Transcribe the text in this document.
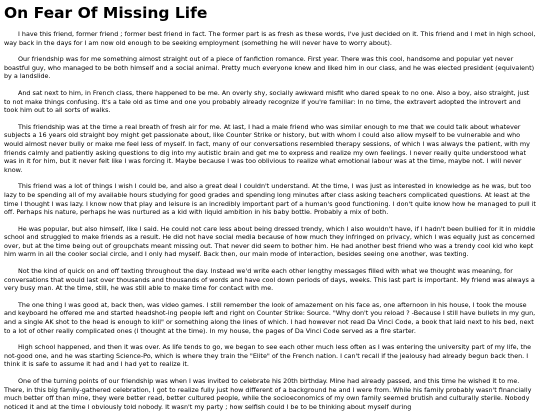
On Fear Of Missing Life

I have this friend, former friend ; former best friend in fact. The former part is as fresh as these words, I've just decided on it. This friend and I met in high school, way back in the days for I am now old enough to be seeking employment (something he will never have to worry about).

Our friendship was for me something almost straight out of a piece of fanfiction romance. First year. There was this cool, handsome and popular yet never boastful guy, who managed to be both himself and a social animal. Pretty much everyone knew and liked him in our class, and he was elected president (equivalent) by a landslide.

And sat next to him, in French class, there happened to be me. An overly shy, socially awkward misfit who dared speak to no one. Also a boy, also straight, just to not make things confusing. It's a tale old as time and one you probably already recognize if you're familiar: In no time, the extravert adopted the introvert and took him out to all sorts of walks.

This friendship was at the time a real breath of fresh air for me. At last, I had a male friend who was similar enough to me that we could talk about whatever subjects a 16 years old straight boy might get passionate about, like Counter Strike or history, but with whom I could also allow myself to be vulnerable and who would almost never bully or make me feel less of myself. In fact, many of our conversations resembled therapy sessions, of which I was always the patient, with my friends calmly and patiently asking questions to dig into my autistic brain and get me to express and realize my own feelings. I never really quite understood what was in it for him, but it never felt like I was forcing it. Maybe because I was too oblivious to realize what emotional labour was at the time, maybe not. I will never know.

This friend was a lot of things I wish I could be, and also a great deal I couldn't understand. At the time, I was just as interested in knowledge as he was, but too lazy to be spending all of my available hours studying for good grades and spending long minutes after class asking teachers complicated questions. At least at the time I thought I was lazy. I know now that play and leisure is an incredibly important part of a human's good functioning. I don't quite know how he managed to pull it off. Perhaps his nature, perhaps he was nurtured as a kid with liquid ambition in his baby bottle. Probably a mix of both.

He was popular, but also himself, like I said. He could not care less about being dressed trendy, which I also wouldn't have, if I hadn't been bullied for it in middle school and struggled to make friends as a result. He did not have social media because of how much they infringed on privacy, which I was equally just as concerned over, but at the time being out of groupchats meant missing out. That never did seem to bother him. He had another best friend who was a trendy cool kid who kept him warm in all the cooler social circle, and I only had myself. Back then, our main mode of interaction, besides seeing one another, was texting.

Not the kind of quick on and off texting throughout the day. Instead we'd write each other lengthy messages filled with what we thought was meaning, for conversations that would last over thousands and thousands of words and have cool down periods of days, weeks. This last part is important. My friend was always a very busy man. At the time, still, he was still able to make time for contact with me.

The one thing I was good at, back then, was video games. I still remember the look of amazement on his face as, one afternoon in his house, I took the mouse and keyboard he offered me and started headshot-ing people left and right on Counter Strike: Source. "Why don't you reload ? -Because I still have bullets in my gun, and a single AK shot to the head is enough to kill" or something along the lines of which. I had however not read Da Vinci Code, a book that laid next to his bed, next to a lot of other really complicated ones (I thought at the time). In my house, the pages of Da Vinci Code served as a fire starter.

High school happened, and then it was over. As life tends to go, we began to see each other much less often as I was entering the university part of my life, the not-good one, and he was starting Science-Po, which is where they train the "Elite" of the French nation. I can't recall if the jealousy had already begun back then. I think it is safe to assume it had and I had yet to realize it.

One of the turning points of our friendship was when I was invited to celebrate his 20th birthday. Mine had already passed, and this time he wished it to me. There, in this big family-gathered celebration, I got to realize fully just how different of a background he and I were from. While his family probably wasn't financially much better off than mine, they were better read, better cultured people, while the socioeconomics of my own family seemed brutish and culturally sterile. Nobody noticed it and at the time I obviously told nobody. It wasn't my party ; how selfish could I be to be thinking about myself during
